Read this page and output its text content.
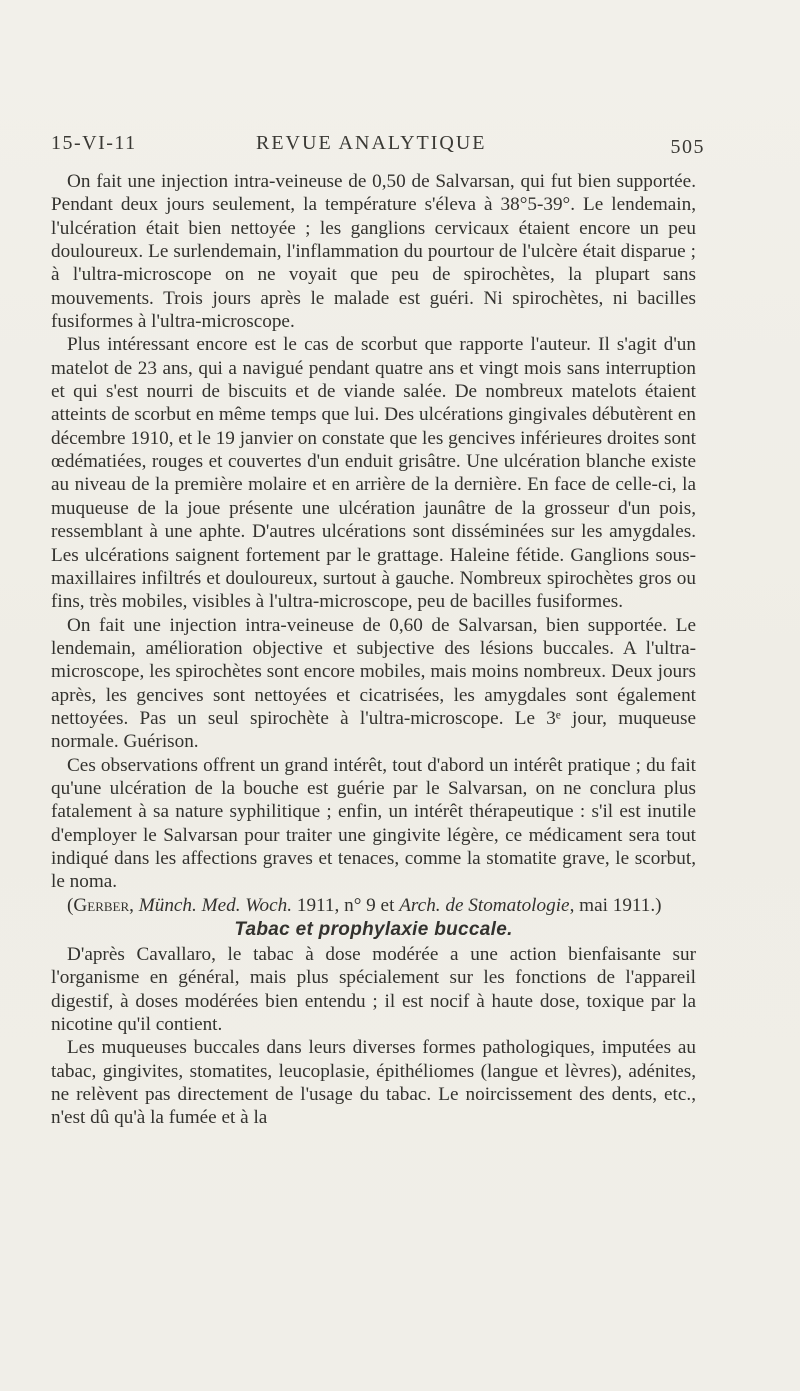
15-VI-11	REVUE ANALYTIQUE	505

On fait une injection intra-veineuse de 0,50 de Salvarsan, qui fut bien supportée. Pendant deux jours seulement, la température s'éleva à 38°5-39°. Le lendemain, l'ulcération était bien nettoyée ; les ganglions cervicaux étaient encore un peu douloureux. Le surlendemain, l'inflammation du pourtour de l'ulcère était disparue ; à l'ultra-microscope on ne voyait que peu de spirochètes, la plupart sans mouvements. Trois jours après le malade est guéri. Ni spirochètes, ni bacilles fusiformes à l'ultra-microscope.

Plus intéressant encore est le cas de scorbut que rapporte l'auteur. Il s'agit d'un matelot de 23 ans, qui a navigué pendant quatre ans et vingt mois sans interruption et qui s'est nourri de biscuits et de viande salée. De nombreux matelots étaient atteints de scorbut en même temps que lui. Des ulcérations gingivales débutèrent en décembre 1910, et le 19 janvier on constate que les gencives inférieures droites sont œdématiées, rouges et couvertes d'un enduit grisâtre. Une ulcération blanche existe au niveau de la première molaire et en arrière de la dernière. En face de celle-ci, la muqueuse de la joue présente une ulcération jaunâtre de la grosseur d'un pois, ressemblant à une aphte. D'autres ulcérations sont disséminées sur les amygdales. Les ulcérations saignent fortement par le grattage. Haleine fétide. Ganglions sous-maxillaires infiltrés et douloureux, surtout à gauche. Nombreux spirochètes gros ou fins, très mobiles, visibles à l'ultra-microscope, peu de bacilles fusiformes.

On fait une injection intra-veineuse de 0,60 de Salvarsan, bien supportée. Le lendemain, amélioration objective et subjective des lésions buccales. A l'ultra-microscope, les spirochètes sont encore mobiles, mais moins nombreux. Deux jours après, les gencives sont nettoyées et cicatrisées, les amygdales sont également nettoyées. Pas un seul spirochète à l'ultra-microscope. Le 3ᵉ jour, muqueuse normale. Guérison.

Ces observations offrent un grand intérêt, tout d'abord un intérêt pratique ; du fait qu'une ulcération de la bouche est guérie par le Salvarsan, on ne conclura plus fatalement à sa nature syphilitique ; enfin, un intérêt thérapeutique : s'il est inutile d'employer le Salvarsan pour traiter une gingivite légère, ce médicament sera tout indiqué dans les affections graves et tenaces, comme la stomatite grave, le scorbut, le noma.

(Gerber, Münch. Med. Woch. 1911, n° 9 et Arch. de Stomatologie, mai 1911.)

Tabac et prophylaxie buccale.

D'après Cavallaro, le tabac à dose modérée a une action bienfaisante sur l'organisme en général, mais plus spécialement sur les fonctions de l'appareil digestif, à doses modérées bien entendu ; il est nocif à haute dose, toxique par la nicotine qu'il contient.

Les muqueuses buccales dans leurs diverses formes pathologiques, imputées au tabac, gingivites, stomatites, leucoplasie, épithéliomes (langue et lèvres), adénites, ne relèvent pas directement de l'usage du tabac. Le noircissement des dents, etc., n'est dû qu'à la fumée et à la
